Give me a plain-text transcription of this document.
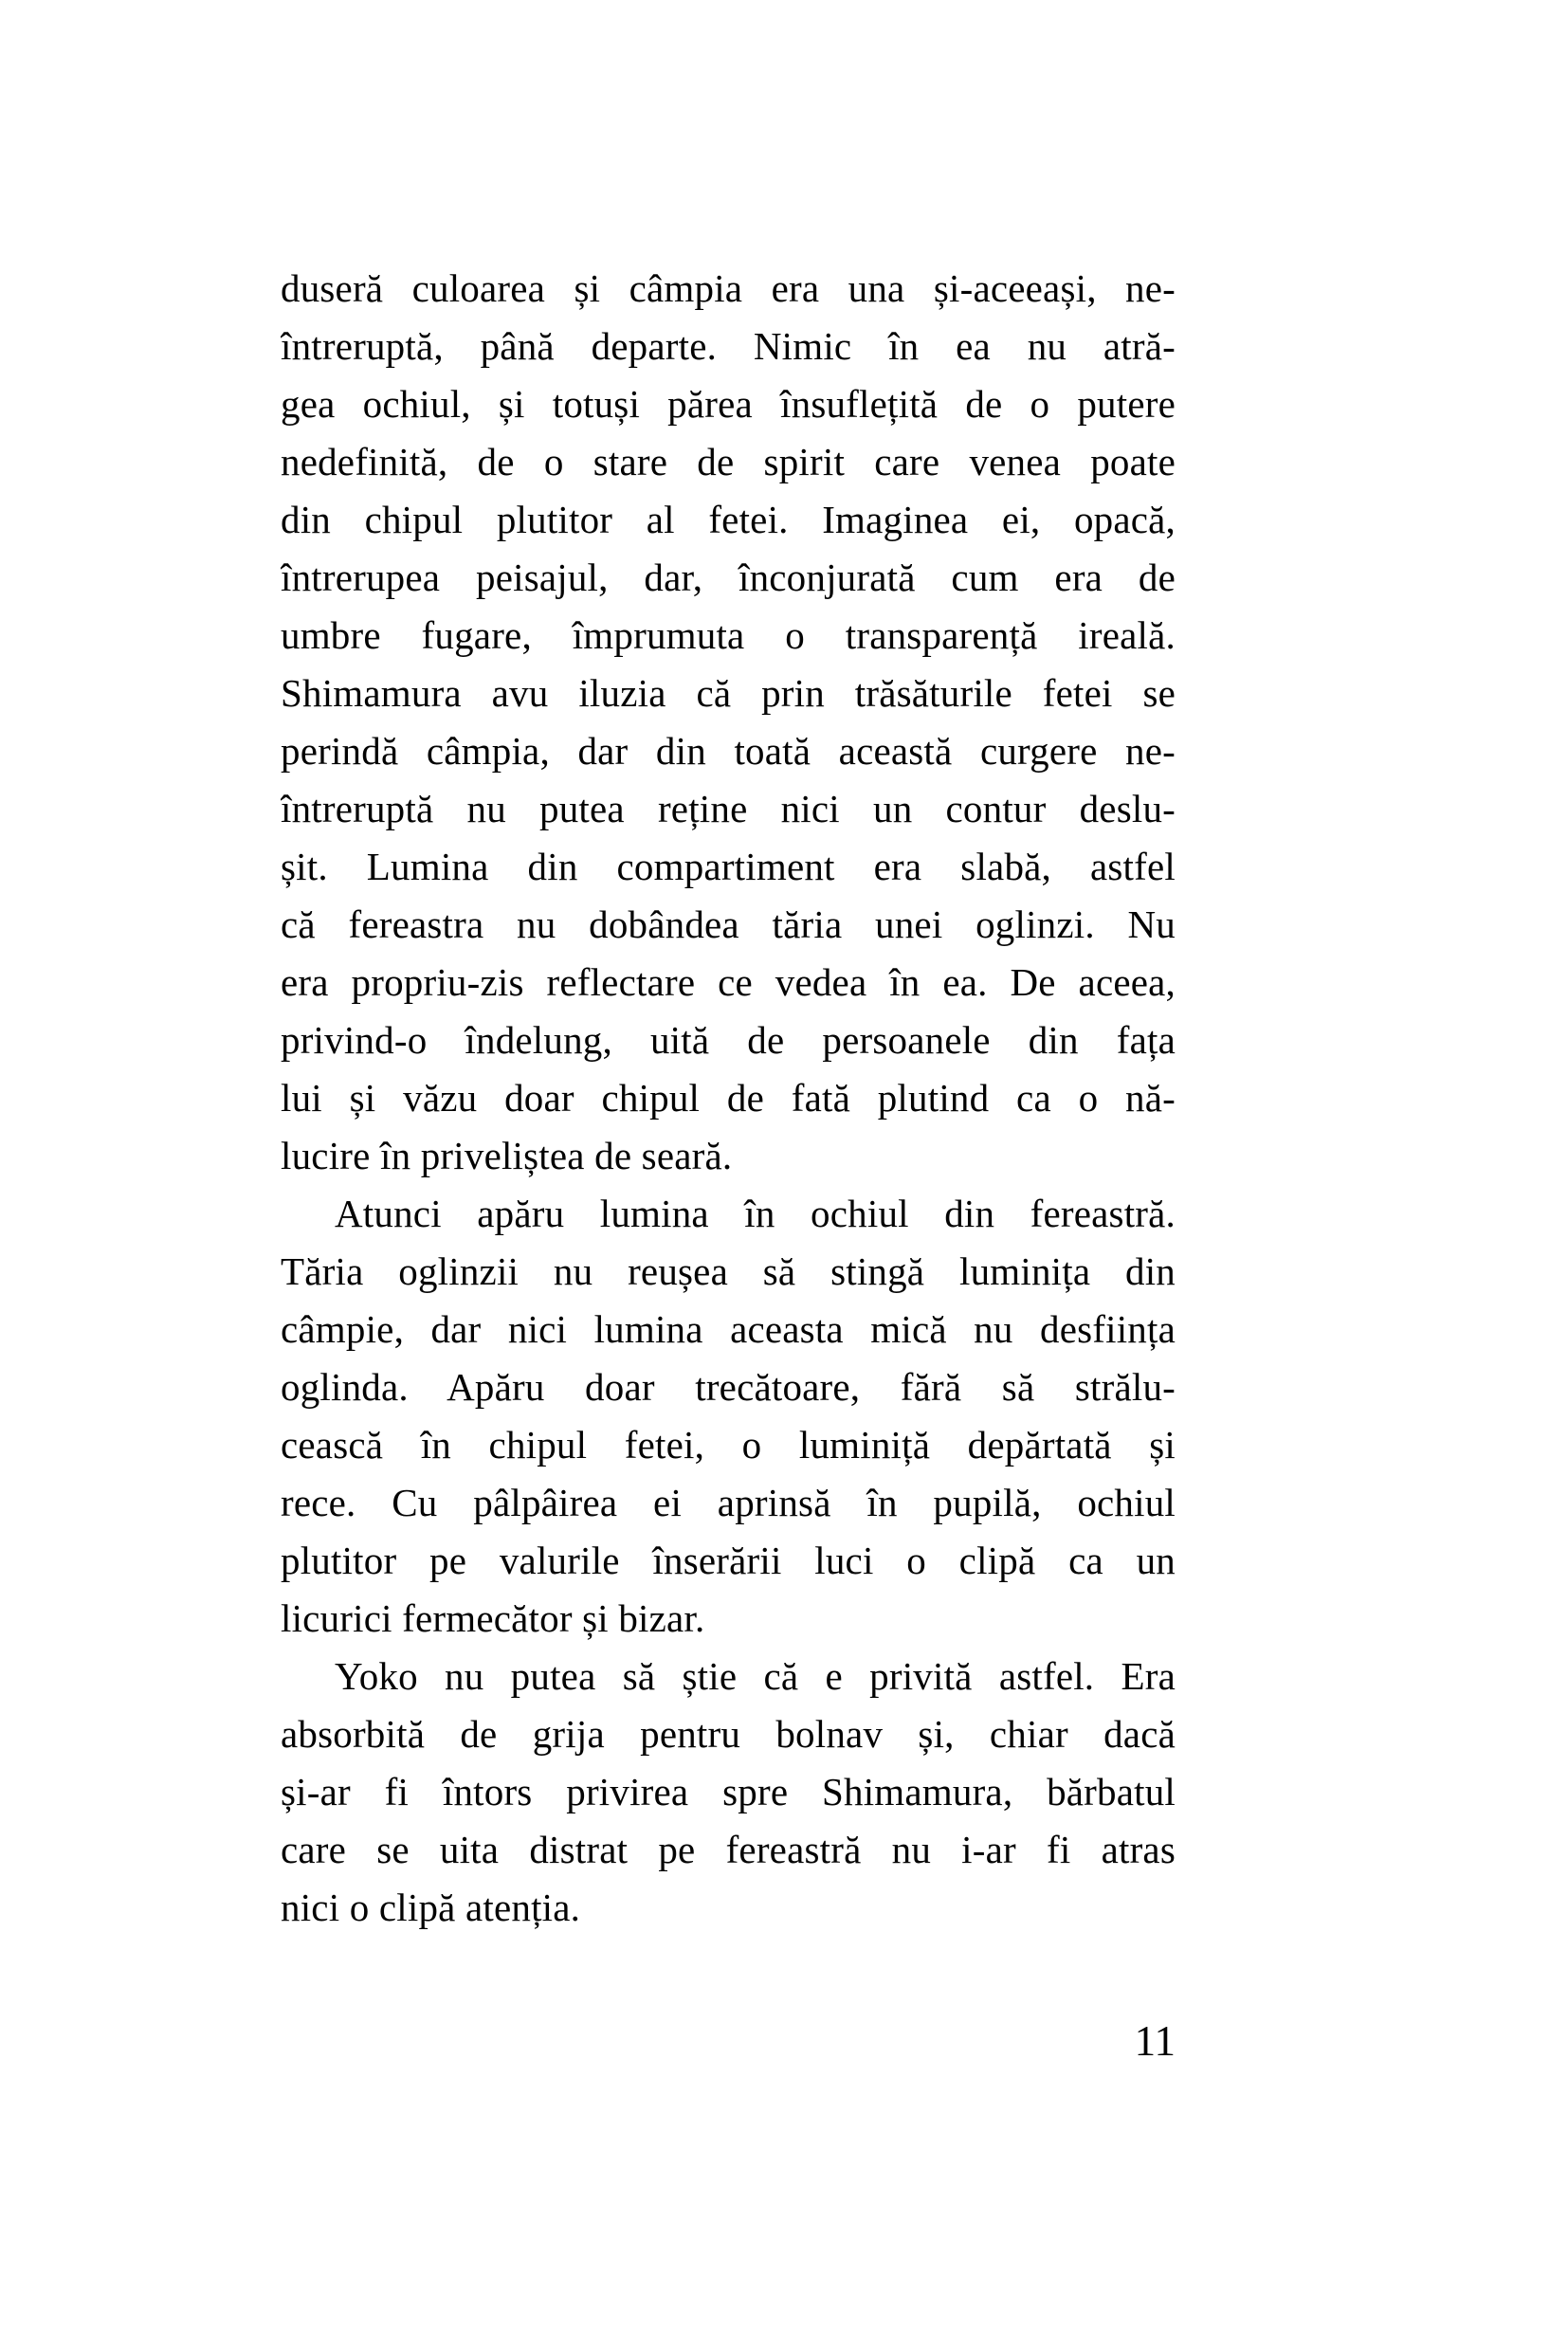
duseră culoarea și câmpia era una și-aceeași, ne-
întreruptă, până departe. Nimic în ea nu atră-
gea ochiul, și totuși părea însuflețită de o putere
nedefinită, de o stare de spirit care venea poate
din chipul plutitor al fetei. Imaginea ei, opacă,
întrerupea peisajul, dar, înconjurată cum era de
umbre fugare, împrumuta o transparență ireală.
Shimamura avu iluzia că prin trăsăturile fetei se
perindă câmpia, dar din toată această curgere ne-
întreruptă nu putea reține nici un contur deslu-
șit. Lumina din compartiment era slabă, astfel
că fereastra nu dobândea tăria unei oglinzi. Nu
era propriu-zis reflectare ce vedea în ea. De aceea,
privind-o îndelung, uită de persoanele din fața
lui și văzu doar chipul de fată plutind ca o nă-
lucire în priveliștea de seară.
Atunci apăru lumina în ochiul din fereastră.
Tăria oglinzii nu reușea să stingă luminița din
câmpie, dar nici lumina aceasta mică nu desființa
oglinda. Apăru doar trecătoare, fără să strălu-
cească în chipul fetei, o luminiță depărtată și
rece. Cu pâlpâirea ei aprinsă în pupilă, ochiul
plutitor pe valurile înserării luci o clipă ca un
licurici fermecător și bizar.
Yoko nu putea să știe că e privită astfel. Era
absorbită de grija pentru bolnav și, chiar dacă
și-ar fi întors privirea spre Shimamura, bărbatul
care se uita distrat pe fereastră nu i-ar fi atras
nici o clipă atenția.
11
